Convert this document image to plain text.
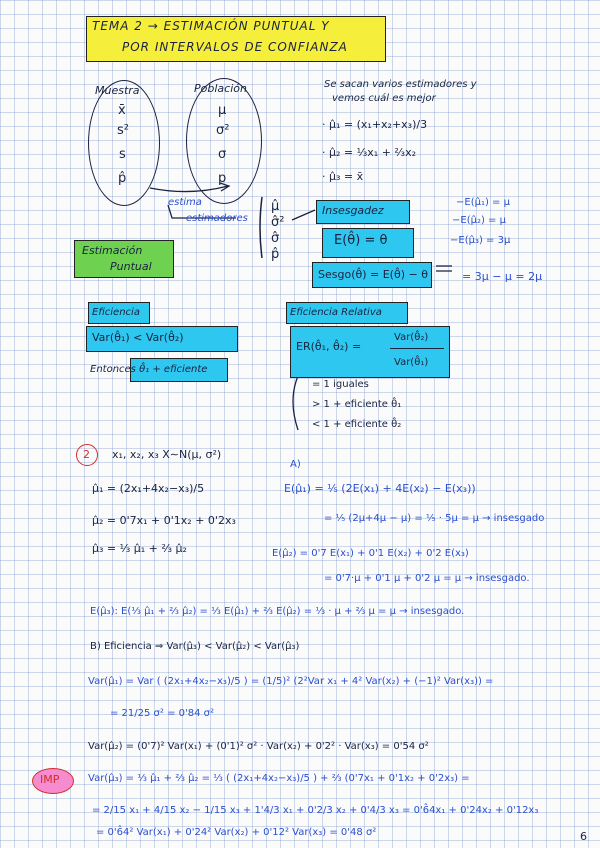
TEMA 2 → ESTIMACIÓN PUNTUAL Y
POR INTERVALOS DE CONFIANZA
Muestra
x̄
s²
s
p̂
Población
μ
σ²
σ
p
estima
estimadores
μ̂
σ̂²
σ̂
p̂
Se sacan varios estimadores y
vemos cuál es mejor
· μ̂₁ = (x₁+x₂+x₃)/3
· μ̂₂ = ⅓x₁ + ⅔x₂
· μ̂₃ = x̄
Estimación
Puntual
Insesgadez
E(θ̂) = θ
Sesgo(θ̂) = E(θ̂) − θ
−E(μ̂₁) = μ
−E(μ̂₂) = μ
−E(μ̂₃) = 3μ
= 3μ − μ = 2μ
Eficiencia
Var(θ̂₁) < Var(θ̂₂)
Entonces θ̂₁ + eficiente
Eficiencia Relativa
ER(θ̂₁, θ̂₂) =
Var(θ̂₂)
Var(θ̂₁)
= 1 iguales
> 1 + eficiente θ̂₁
< 1 + eficiente θ̂₂
2 x₁, x₂, x₃ X∼N(μ, σ²)
A)
μ̂₁ = (2x₁+4x₂−x₃)/5
μ̂₂ = 0'7x₁ + 0'1x₂ + 0'2x₃
μ̂₃ = ⅓ μ̂₁ + ⅔ μ̂₂
E(μ̂₁) = ⅕ (2E(x₁) + 4E(x₂) − E(x₃))
= ⅕ (2μ+4μ − μ) = ⅕ · 5μ = μ → insesgado
E(μ̂₂) = 0'7 E(x₁) + 0'1 E(x₂) + 0'2 E(x₃)
= 0'7·μ + 0'1 μ + 0'2 μ = μ → insesgado.
E(μ̂₃): E(⅓ μ̂₁ + ⅔ μ̂₂) = ⅓ E(μ̂₁) + ⅔ E(μ̂₂) = ⅓ · μ + ⅔ μ = μ → insesgado.
B) Eficiencia ⇒ Var(μ̂₃) < Var(μ̂₂) < Var(μ̂₃)
Var(μ̂₁) = Var ( (2x₁+4x₂−x₃)/5 ) = (1/5)² (2²Var x₁ + 4² Var(x₂) + (−1)² Var(x₃)) =
= 21/25 σ² = 0'84 σ²
Var(μ̂₂) = (0'7)² Var(x₁) + (0'1)² σ² · Var(x₂) + 0'2² · Var(x₃) = 0'54 σ²
IMP	Var(μ̂₃) = ⅓ μ̂₁ + ⅔ μ̂₂ = ⅓ ( (2x₁+4x₂−x₃)/5 ) + ⅔ (0'7x₁ + 0'1x₂ + 0'2x₃) =
= 2/15 x₁ + 4/15 x₂ − 1/15 x₃ + 1'4/3 x₁ + 0'2/3 x₂ + 0'4/3 x₃ = 0'6̂4x₁ + 0'24x₂ + 0'12x₃
= 0'6̂4² Var(x₁) + 0'24² Var(x₂) + 0'12² Var(x₃) = 0'48 σ²	6
